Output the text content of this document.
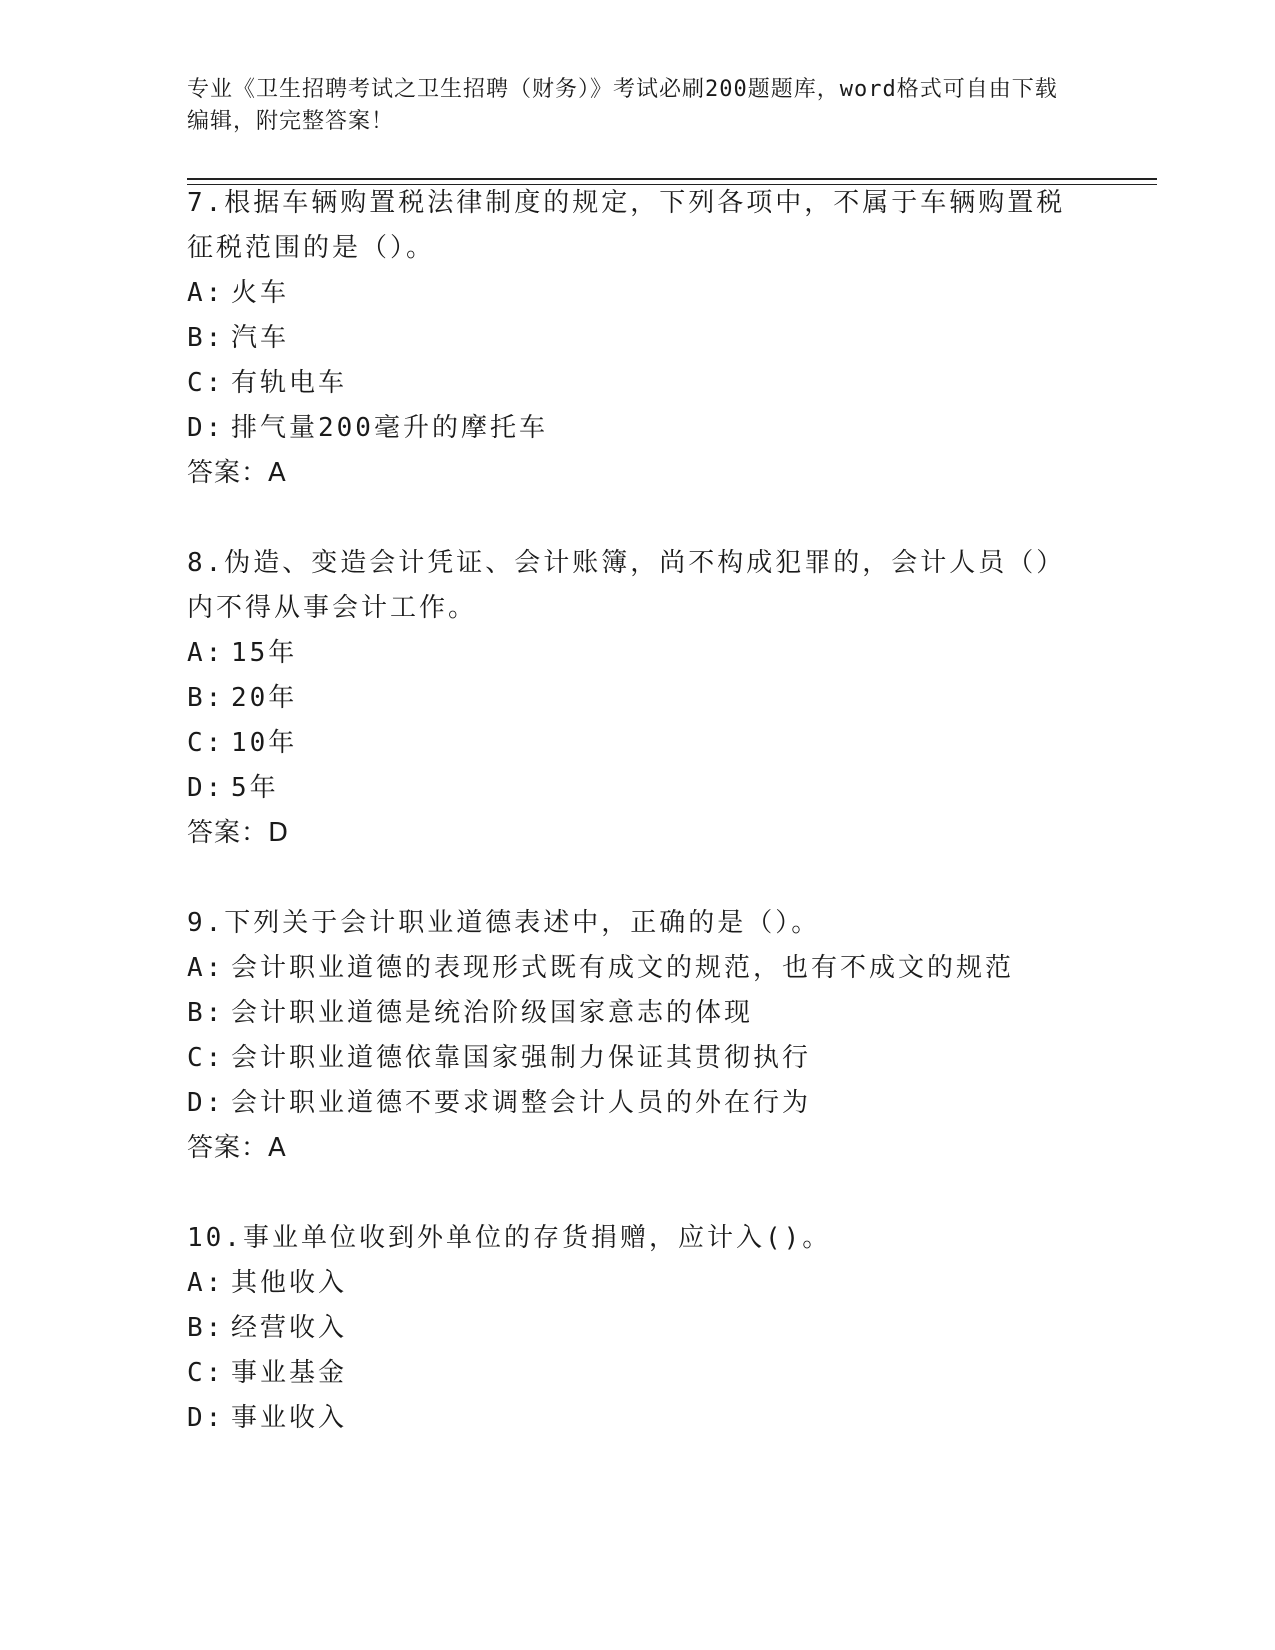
专业《卫生招聘考试之卫生招聘（财务）》考试必刷200题题库，word格式可自由下载编辑，附完整答案！

7.根据车辆购置税法律制度的规定，下列各项中，不属于车辆购置税

征税范围的是（）。

A: 火车

B: 汽车

C: 有轨电车

D: 排气量200毫升的摩托车

答案：A

8.伪造、变造会计凭证、会计账簿，尚不构成犯罪的，会计人员（）

内不得从事会计工作。

A: 15年

B: 20年

C: 10年

D: 5年

答案：D

9.下列关于会计职业道德表述中，正确的是（）。

A: 会计职业道德的表现形式既有成文的规范，也有不成文的规范

B: 会计职业道德是统治阶级国家意志的体现

C: 会计职业道德依靠国家强制力保证其贯彻执行

D: 会计职业道德不要求调整会计人员的外在行为

答案：A

10.事业单位收到外单位的存货捐赠，应计入()。

A: 其他收入

B: 经营收入

C: 事业基金

D: 事业收入
